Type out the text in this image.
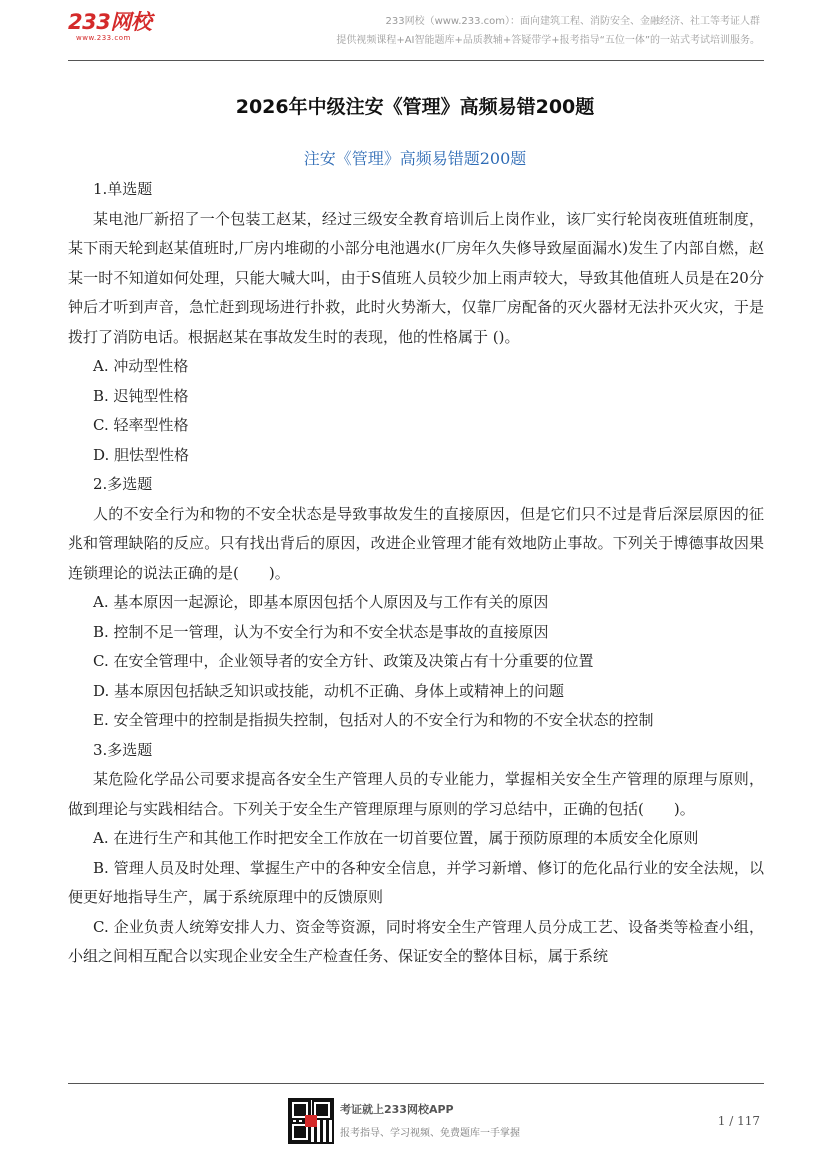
233网校
www.233.com
233网校（www.233.com）：面向建筑工程、消防安全、金融经济、社工等考证人群
提供视频课程+AI智能题库+品质教辅+答疑带学+报考指导“五位一体”的一站式考试培训服务。
2026年中级注安《管理》高频易错200题
注安《管理》高频易错题200题

1.单选题

某电池厂新招了一个包装工赵某，经过三级安全教育培训后上岗作业，该厂实行轮岗夜班值班制度，某下雨天轮到赵某值班时,厂房内堆砌的小部分电池遇水(厂房年久失修导致屋面漏水)发生了内部自燃，赵某一时不知道如何处理，只能大喊大叫，由于S值班人员较少加上雨声较大，导致其他值班人员是在20分钟后才听到声音，急忙赶到现场进行扑救，此时火势渐大，仅靠厂房配备的灭火器材无法扑灭火灾，于是拨打了消防电话。根据赵某在事故发生时的表现，他的性格属于 ()。

A. 冲动型性格

B. 迟钝型性格

C. 轻率型性格

D. 胆怯型性格

2.多选题

人的不安全行为和物的不安全状态是导致事故发生的直接原因，但是它们只不过是背后深层原因的征兆和管理缺陷的反应。只有找出背后的原因，改进企业管理才能有效地防止事故。下列关于博德事故因果连锁理论的说法正确的是(　　)。

A. 基本原因一起源论，即基本原因包括个人原因及与工作有关的原因

B. 控制不足一管理，认为不安全行为和不安全状态是事故的直接原因

C. 在安全管理中，企业领导者的安全方针、政策及决策占有十分重要的位置

D. 基本原因包括缺乏知识或技能，动机不正确、身体上或精神上的问题

E. 安全管理中的控制是指损失控制，包括对人的不安全行为和物的不安全状态的控制

3.多选题

某危险化学品公司要求提高各安全生产管理人员的专业能力，掌握相关安全生产管理的原理与原则，做到理论与实践相结合。下列关于安全生产管理原理与原则的学习总结中，正确的包括(　　)。

A. 在进行生产和其他工作时把安全工作放在一切首要位置，属于预防原理的本质安全化原则

B. 管理人员及时处理、掌握生产中的各种安全信息，并学习新增、修订的危化品行业的安全法规，以便更好地指导生产，属于系统原理中的反馈原则

C. 企业负责人统筹安排人力、资金等资源，同时将安全生产管理人员分成工艺、设备类等检查小组，小组之间相互配合以实现企业安全生产检查任务、保证安全的整体目标，属于系统

考证就上233网校APP
报考指导、学习视频、免费题库一手掌握
1 / 117
